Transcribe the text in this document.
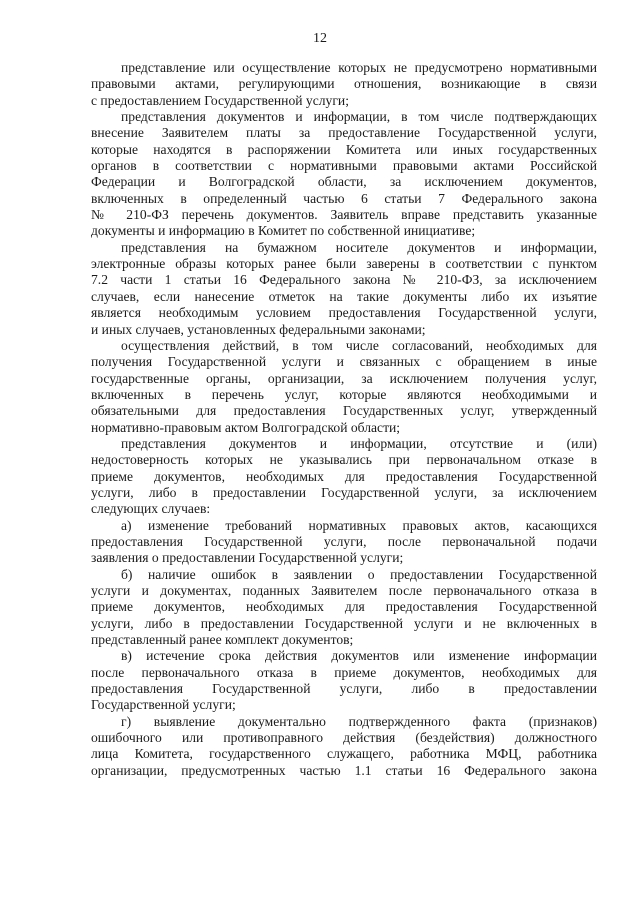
12
представление или осуществление которых не предусмотрено нормативными
правовыми актами, регулирующими отношения, возникающие в связи
с предоставлением Государственной услуги;
представления документов и информации, в том числе подтверждающих
внесение Заявителем платы за предоставление Государственной услуги,
которые находятся в распоряжении Комитета или иных государственных
органов в соответствии с нормативными правовыми актами Российской
Федерации и Волгоградской области, за исключением документов,
включенных в определенный частью 6 статьи 7 Федерального закона
№ 210-ФЗ перечень документов. Заявитель вправе представить указанные
документы и информацию в Комитет по собственной инициативе;
представления на бумажном носителе документов и информации,
электронные образы которых ранее были заверены в соответствии с пунктом
7.2 части 1 статьи 16 Федерального закона № 210-ФЗ, за исключением
случаев, если нанесение отметок на такие документы либо их изъятие
является необходимым условием предоставления Государственной услуги,
и иных случаев, установленных федеральными законами;
осуществления действий, в том числе согласований, необходимых для
получения Государственной услуги и связанных с обращением в иные
государственные органы, организации, за исключением получения услуг,
включенных в перечень услуг, которые являются необходимыми и
обязательными для предоставления Государственных услуг, утвержденный
нормативно-правовым актом Волгоградской области;
представления документов и информации, отсутствие и (или)
недостоверность которых не указывались при первоначальном отказе в
приеме документов, необходимых для предоставления Государственной
услуги, либо в предоставлении Государственной услуги, за исключением
следующих случаев:
а) изменение требований нормативных правовых актов, касающихся
предоставления Государственной услуги, после первоначальной подачи
заявления о предоставлении Государственной услуги;
б) наличие ошибок в заявлении о предоставлении Государственной
услуги и документах, поданных Заявителем после первоначального отказа в
приеме документов, необходимых для предоставления Государственной
услуги, либо в предоставлении Государственной услуги и не включенных в
представленный ранее комплект документов;
в) истечение срока действия документов или изменение информации
после первоначального отказа в приеме документов, необходимых для
предоставления Государственной услуги, либо в предоставлении
Государственной услуги;
г) выявление документально подтвержденного факта (признаков)
ошибочного или противоправного действия (бездействия) должностного
лица Комитета, государственного служащего, работника МФЦ, работника
организации, предусмотренных частью 1.1 статьи 16 Федерального закона
